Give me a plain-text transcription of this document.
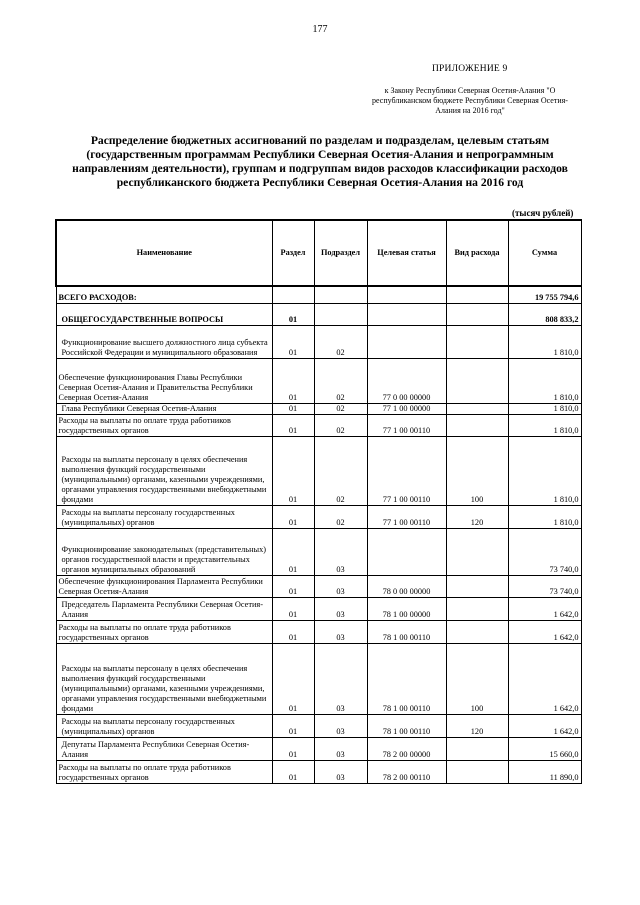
177
ПРИЛОЖЕНИЕ 9
к Закону Республики Северная Осетия-Алания "О республиканском бюджете Республики Северная Осетия-Алания на 2016 год"
Распределение бюджетных ассигнований по разделам и подразделам, целевым статьям (государственным программам Республики Северная Осетия-Алания и непрограммным направлениям деятельности), группам и подгруппам видов расходов классификации расходов республиканского бюджета Республики Северная Осетия-Алания на 2016 год
(тысяч рублей)
Наименование	Раздел	Подраздел	Целевая статья	Вид расхода	Сумма
ВСЕГО РАСХОДОВ:					19 755 794,6
ОБЩЕГОСУДАРСТВЕННЫЕ ВОПРОСЫ	01				808 833,2
Функционирование высшего должностного лица субъекта Российской Федерации и муниципального образования	01	02			1 810,0
Обеспечение функционирования Главы Республики Северная Осетия-Алания и Правительства Республики Северная Осетия-Алания	01	02	77 0 00 00000		1 810,0
Глава Республики Северная Осетия-Алания	01	02	77 1 00 00000		1 810,0
Расходы на выплаты по оплате труда работников государственных органов	01	02	77 1 00 00110		1 810,0
Расходы на выплаты персоналу в целях обеспечения выполнения функций государственными (муниципальными) органами, казенными учреждениями, органами управления государственными внебюджетными фондами	01	02	77 1 00 00110	100	1 810,0
Расходы на выплаты персоналу государственных (муниципальных) органов	01	02	77 1 00 00110	120	1 810,0
Функционирование законодательных (представительных) органов государственной власти и представительных органов муниципальных образований	01	03			73 740,0
Обеспечение функционирования Парламента Республики Северная Осетия-Алания	01	03	78 0 00 00000		73 740,0
Председатель Парламента Республики Северная Осетия-Алания	01	03	78 1 00 00000		1 642,0
Расходы на выплаты по оплате труда работников государственных органов	01	03	78 1 00 00110		1 642,0
Расходы на выплаты персоналу в целях обеспечения выполнения функций государственными (муниципальными) органами, казенными учреждениями, органами управления государственными внебюджетными фондами	01	03	78 1 00 00110	100	1 642,0
Расходы на выплаты персоналу государственных (муниципальных) органов	01	03	78 1 00 00110	120	1 642,0
Депутаты Парламента Республики Северная Осетия-Алания	01	03	78 2 00 00000		15 660,0
Расходы на выплаты по оплате труда работников государственных органов	01	03	78 2 00 00110		11 890,0
